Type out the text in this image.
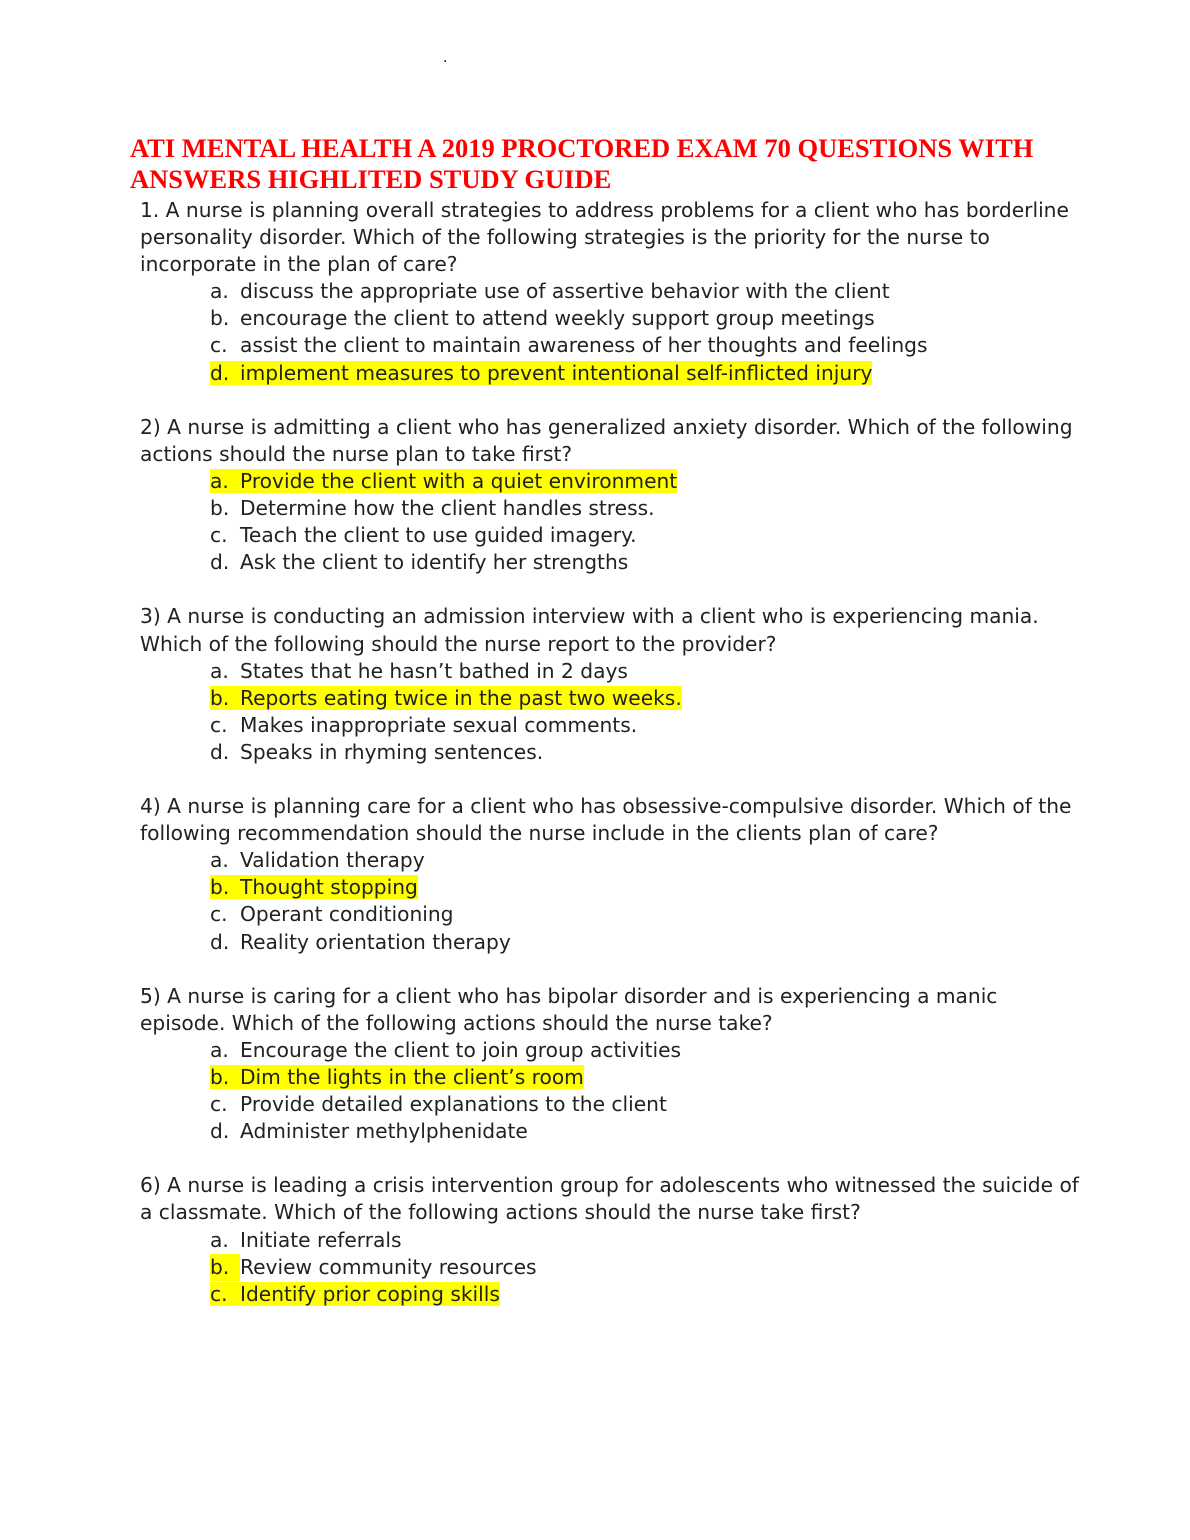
.
ATI MENTAL HEALTH A 2019 PROCTORED EXAM 70 QUESTIONS WITH ANSWERS HIGHLITED STUDY GUIDE

1. A nurse is planning overall strategies to address problems for a client who has borderline personality disorder. Which of the following strategies is the priority for the nurse to incorporate in the plan of care?

a. discuss the appropriate use of assertive behavior with the client
b. encourage the client to attend weekly support group meetings
c. assist the client to maintain awareness of her thoughts and feelings
d. implement measures to prevent intentional self-inflicted injury

2) A nurse is admitting a client who has generalized anxiety disorder. Which of the following actions should the nurse plan to take first?

a. Provide the client with a quiet environment
b. Determine how the client handles stress.
c. Teach the client to use guided imagery.
d. Ask the client to identify her strengths

3) A nurse is conducting an admission interview with a client who is experiencing mania. Which of the following should the nurse report to the provider?

a. States that he hasn’t bathed in 2 days
b. Reports eating twice in the past two weeks.
c. Makes inappropriate sexual comments.
d. Speaks in rhyming sentences.

4) A nurse is planning care for a client who has obsessive-compulsive disorder. Which of the following recommendation should the nurse include in the clients plan of care?

a. Validation therapy
b. Thought stopping
c. Operant conditioning
d. Reality orientation therapy

5) A nurse is caring for a client who has bipolar disorder and is experiencing a manic episode. Which of the following actions should the nurse take?

a. Encourage the client to join group activities
b. Dim the lights in the client’s room
c. Provide detailed explanations to the client
d. Administer methylphenidate

6) A nurse is leading a crisis intervention group for adolescents who witnessed the suicide of a classmate. Which of the following actions should the nurse take first?

a. Initiate referrals
b. Review community resources
c. Identify prior coping skills
